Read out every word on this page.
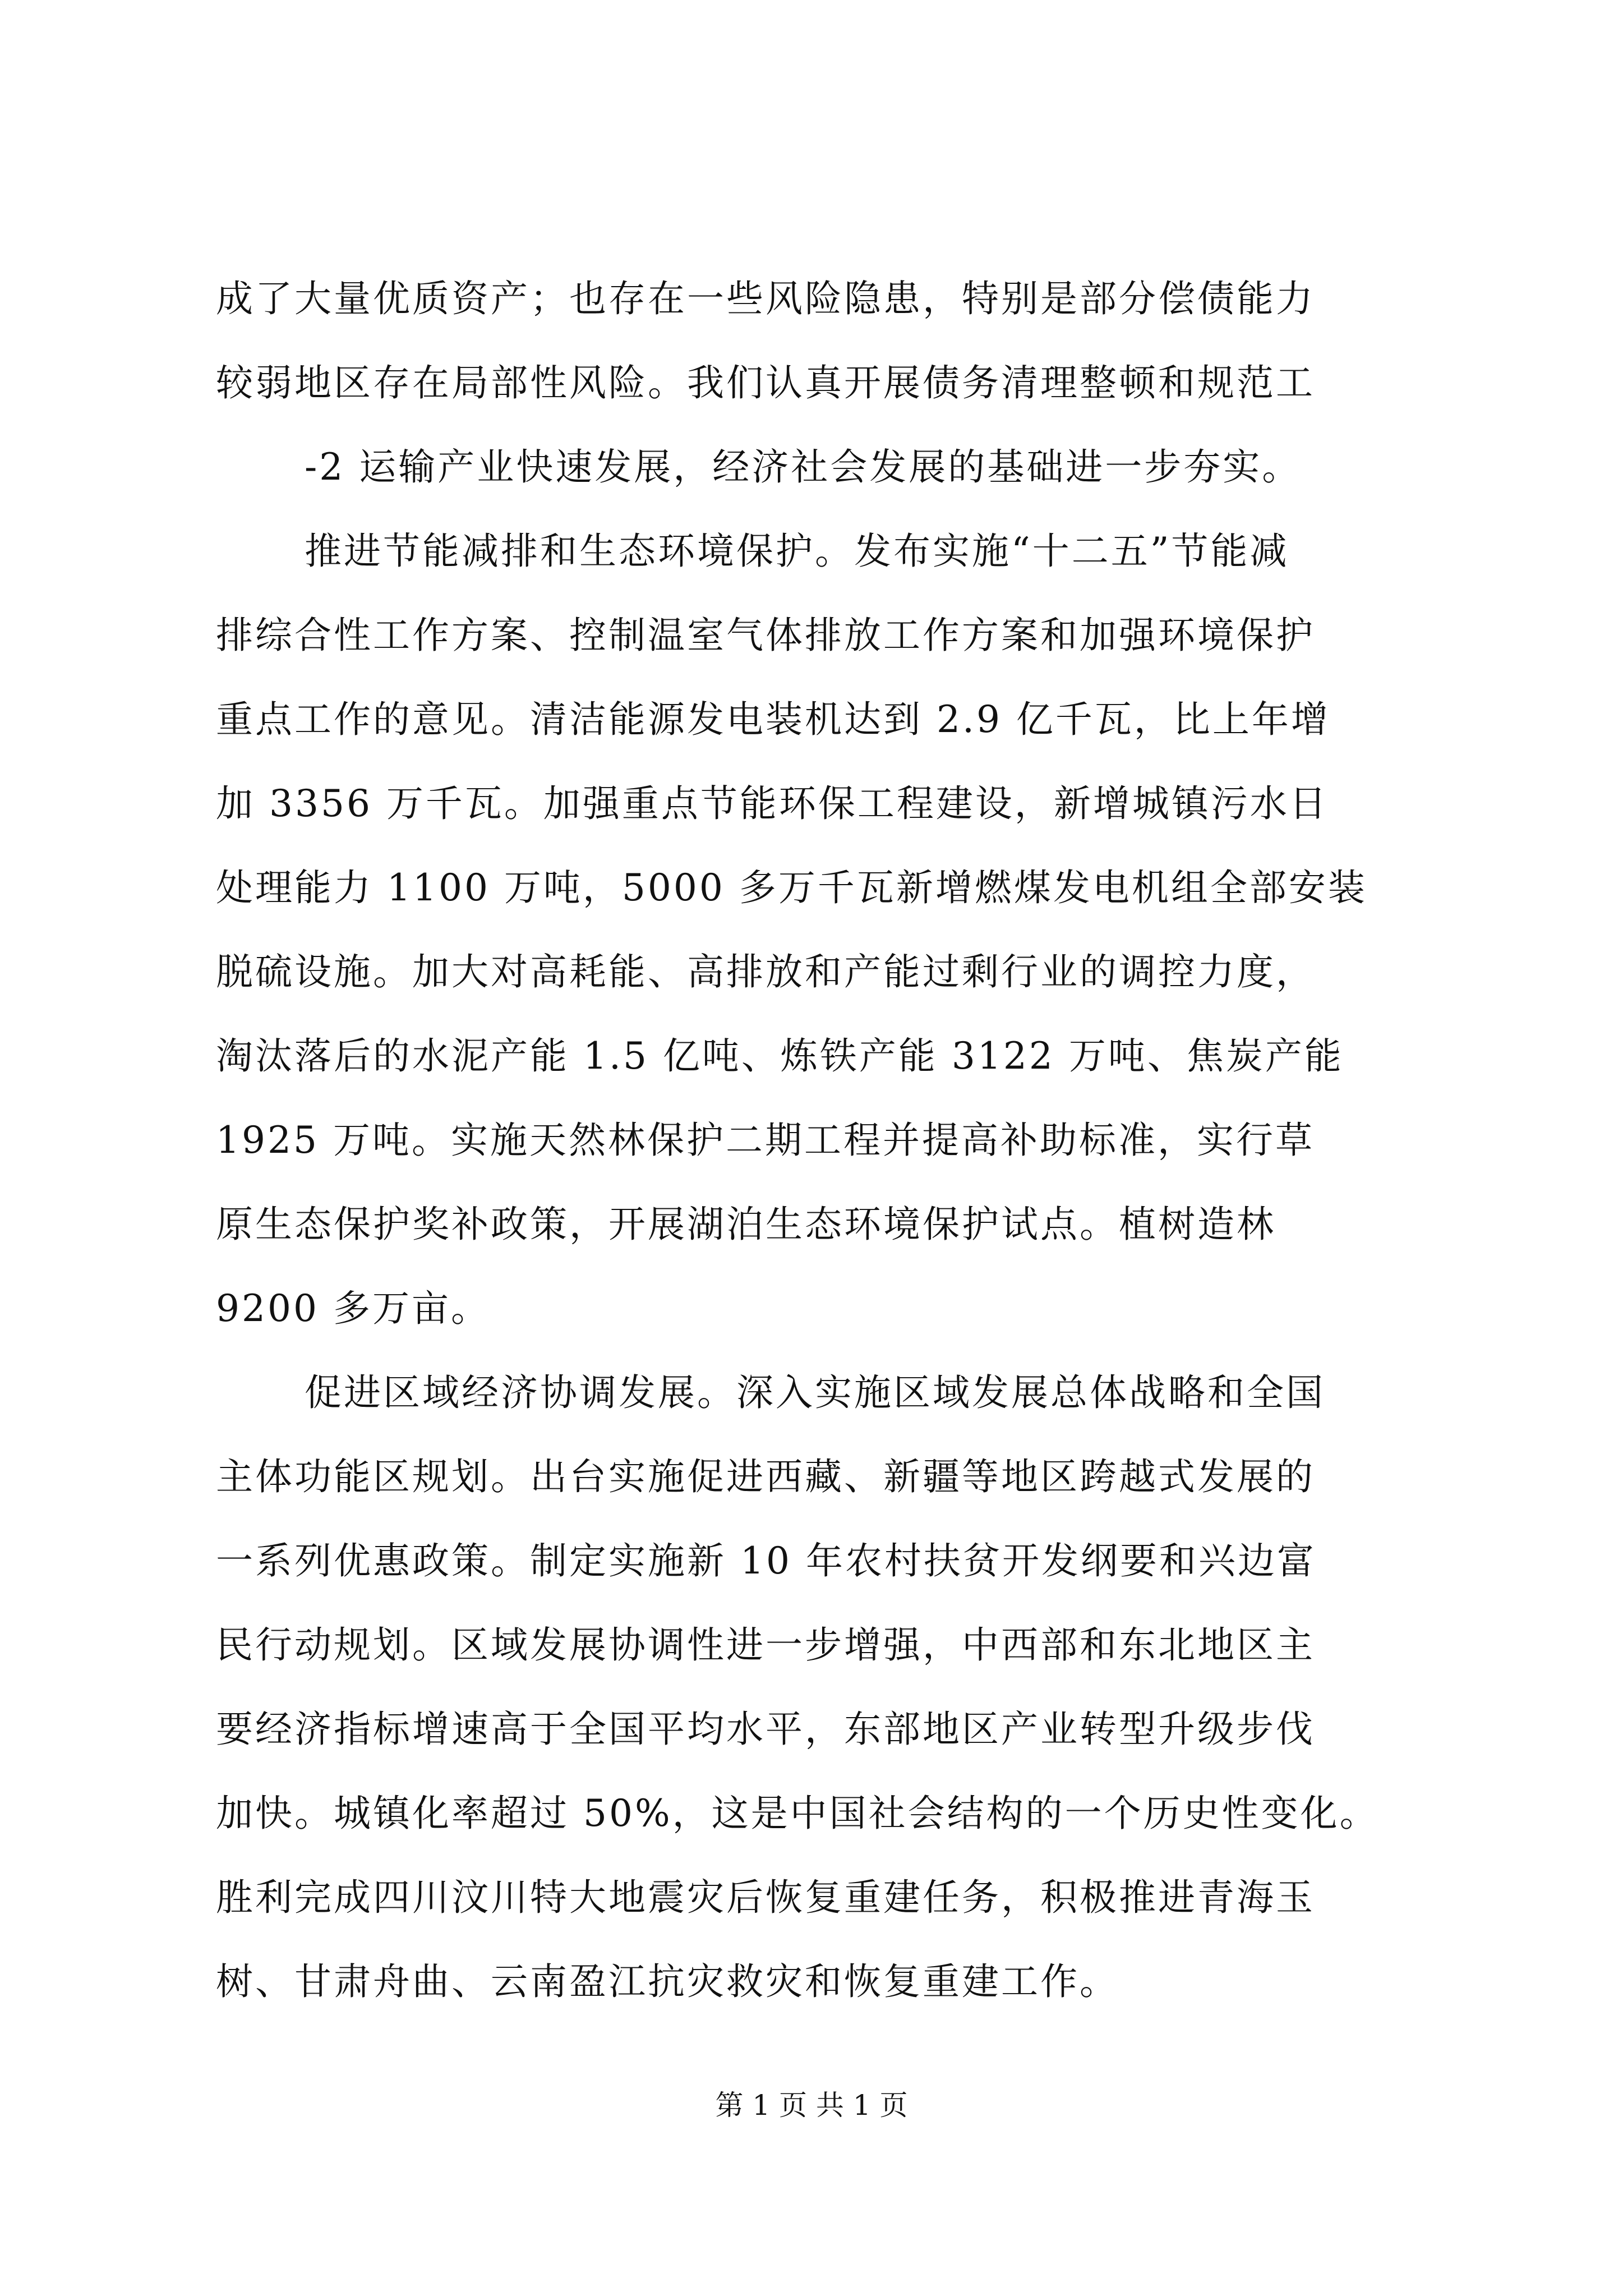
成了大量优质资产；也存在一些风险隐患，特别是部分偿债能力
较弱地区存在局部性风险。我们认真开展债务清理整顿和规范工
-2 运输产业快速发展，经济社会发展的基础进一步夯实。
推进节能减排和生态环境保护。发布实施“十二五”节能减
排综合性工作方案、控制温室气体排放工作方案和加强环境保护
重点工作的意见。清洁能源发电装机达到 2.9 亿千瓦，比上年增
加 3356 万千瓦。加强重点节能环保工程建设，新增城镇污水日
处理能力 1100 万吨，5000 多万千瓦新增燃煤发电机组全部安装
脱硫设施。加大对高耗能、高排放和产能过剩行业的调控力度，
淘汰落后的水泥产能 1.5 亿吨、炼铁产能 3122 万吨、焦炭产能
1925 万吨。实施天然林保护二期工程并提高补助标准，实行草
原生态保护奖补政策，开展湖泊生态环境保护试点。植树造林
9200 多万亩。
促进区域经济协调发展。深入实施区域发展总体战略和全国
主体功能区规划。出台实施促进西藏、新疆等地区跨越式发展的
一系列优惠政策。制定实施新 10 年农村扶贫开发纲要和兴边富
民行动规划。区域发展协调性进一步增强，中西部和东北地区主
要经济指标增速高于全国平均水平，东部地区产业转型升级步伐
加快。城镇化率超过 50%，这是中国社会结构的一个历史性变化。
胜利完成四川汶川特大地震灾后恢复重建任务，积极推进青海玉
树、甘肃舟曲、云南盈江抗灾救灾和恢复重建工作。
第 1 页 共 1 页
